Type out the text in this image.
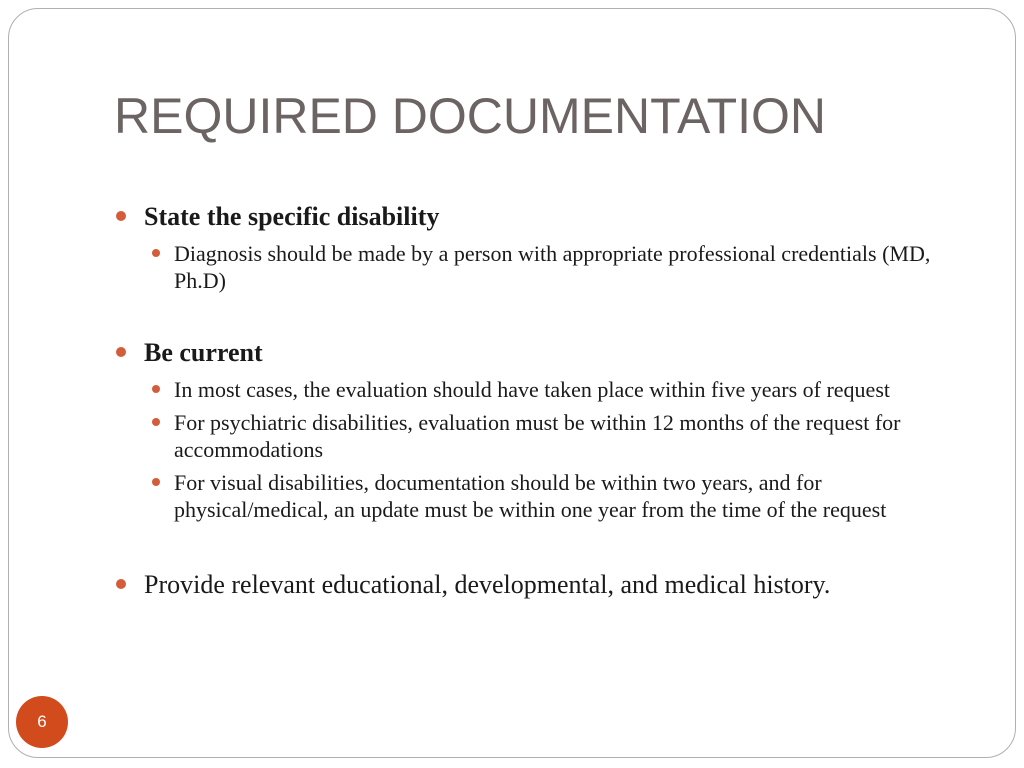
REQUIRED DOCUMENTATION
State the specific disability
Diagnosis should be made by a person with appropriate professional credentials (MD, Ph.D)
Be current
In most cases, the evaluation should have taken place within five years of request
For psychiatric disabilities, evaluation must be within 12 months of the request for accommodations
For visual disabilities, documentation should be within two years, and for physical/medical, an update must be within one year from the time of the request
Provide relevant educational, developmental, and medical history.
6
